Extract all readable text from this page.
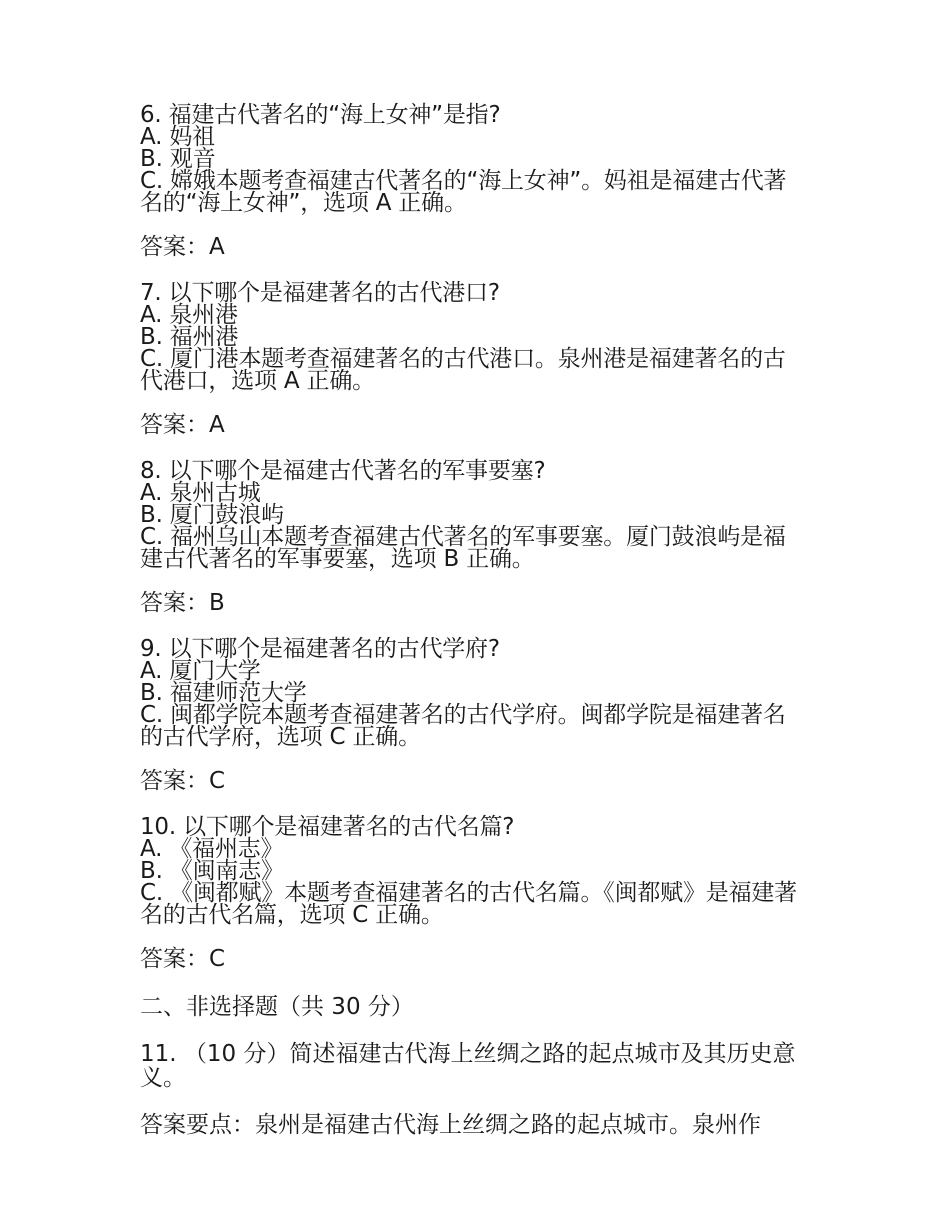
6. 福建古代著名的“海上女神”是指?
A. 妈祖
B. 观音
C. 嫦娥本题考查福建古代著名的“海上女神”。妈祖是福建古代著名的“海上女神”，选项 A 正确。
答案：A
7. 以下哪个是福建著名的古代港口?
A. 泉州港
B. 福州港
C. 厦门港本题考查福建著名的古代港口。泉州港是福建著名的古代港口，选项 A 正确。
答案：A
8. 以下哪个是福建古代著名的军事要塞?
A. 泉州古城
B. 厦门鼓浪屿
C. 福州乌山本题考查福建古代著名的军事要塞。厦门鼓浪屿是福建古代著名的军事要塞，选项 B 正确。
答案：B
9. 以下哪个是福建著名的古代学府?
A. 厦门大学
B. 福建师范大学
C. 闽都学院本题考查福建著名的古代学府。闽都学院是福建著名的古代学府，选项 C 正确。
答案：C
10. 以下哪个是福建著名的古代名篇?
A. 《福州志》
B. 《闽南志》
C. 《闽都赋》本题考查福建著名的古代名篇。《闽都赋》是福建著名的古代名篇，选项 C 正确。
答案：C
二、非选择题（共 30 分）
11. （10 分）简述福建古代海上丝绸之路的起点城市及其历史意义。
答案要点：泉州是福建古代海上丝绸之路的起点城市。泉州作
